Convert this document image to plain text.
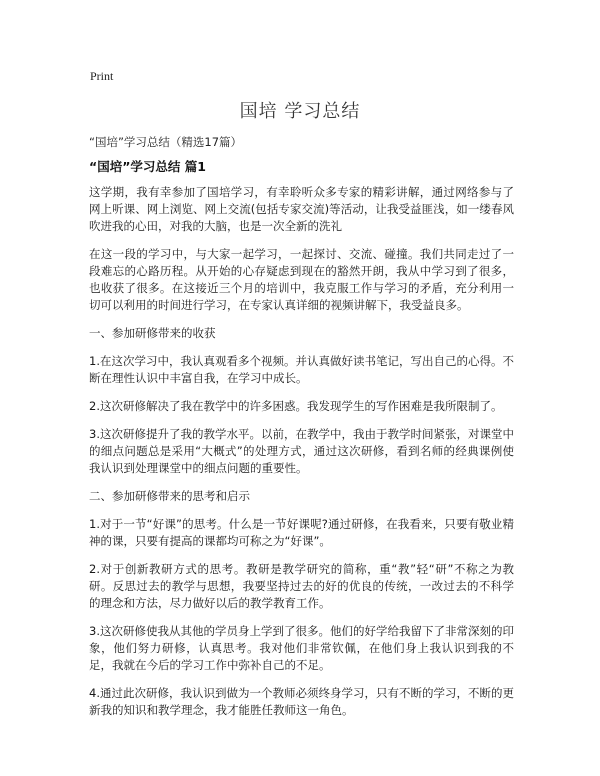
Print
国培 学习总结
“国培”学习总结（精选17篇）
“国培”学习总结 篇1

这学期，我有幸参加了国培学习，有幸聆听众多专家的精彩讲解，通过网络参与了网上听课、网上浏览、网上交流(包括专家交流)等活动，让我受益匪浅，如一缕春风吹进我的心田，对我的大脑，也是一次全新的洗礼

在这一段的学习中，与大家一起学习，一起探讨、交流、碰撞。我们共同走过了一段难忘的心路历程。从开始的心存疑虑到现在的豁然开朗，我从中学习到了很多，也收获了很多。在这接近三个月的培训中，我克服工作与学习的矛盾，充分利用一切可以利用的时间进行学习，在专家认真详细的视频讲解下，我受益良多。

一、参加研修带来的收获

1.在这次学习中，我认真观看多个视频。并认真做好读书笔记，写出自己的心得。不断在理性认识中丰富自我，在学习中成长。

2.这次研修解决了我在教学中的许多困惑。我发现学生的写作困难是我所限制了。

3.这次研修提升了我的教学水平。以前，在教学中，我由于教学时间紧张，对课堂中的细点问题总是采用“大概式”的处理方式，通过这次研修，看到名师的经典课例使我认识到处理课堂中的细点问题的重要性。

二、参加研修带来的思考和启示

1.对于一节“好课”的思考。什么是一节好课呢?通过研修，在我看来，只要有敬业精神的课，只要有提高的课都均可称之为“好课”。

2.对于创新教研方式的思考。教研是教学研究的简称，重“教”轻“研”不称之为教研。反思过去的教学与思想，我要坚持过去的好的优良的传统，一改过去的不科学的理念和方法，尽力做好以后的教学教育工作。

3.这次研修使我从其他的学员身上学到了很多。他们的好学给我留下了非常深刻的印象，他们努力研修，认真思考。我对他们非常钦佩，在他们身上我认识到我的不足，我就在今后的学习工作中弥补自己的不足。

4.通过此次研修，我认识到做为一个教师必须终身学习，只有不断的学习，不断的更新我的知识和教学理念，我才能胜任教师这一角色。
